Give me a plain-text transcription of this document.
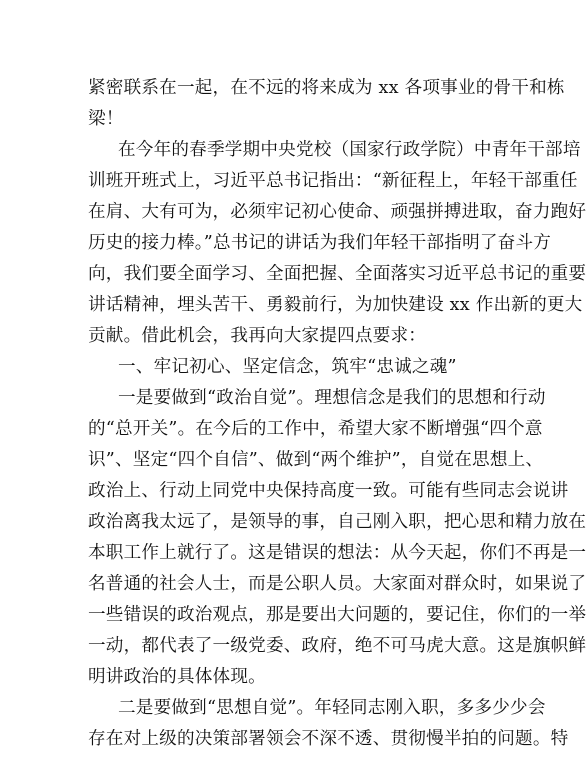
紧密联系在一起，在不远的将来成为 xx 各项事业的骨干和栋
梁！
在今年的春季学期中央党校（国家行政学院）中青年干部培
训班开班式上，习近平总书记指出：“新征程上，年轻干部重任
在肩、大有可为，必须牢记初心使命、顽强拼搏进取，奋力跑好
历史的接力棒。”总书记的讲话为我们年轻干部指明了奋斗方
向，我们要全面学习、全面把握、全面落实习近平总书记的重要
讲话精神，埋头苦干、勇毅前行，为加快建设 xx 作出新的更大
贡献。借此机会，我再向大家提四点要求：
一、牢记初心、坚定信念，筑牢“忠诚之魂”
一是要做到“政治自觉”。理想信念是我们的思想和行动
的“总开关”。在今后的工作中，希望大家不断增强“四个意
识”、坚定“四个自信”、做到“两个维护”，自觉在思想上、
政治上、行动上同党中央保持高度一致。可能有些同志会说讲
政治离我太远了，是领导的事，自己刚入职，把心思和精力放在
本职工作上就行了。这是错误的想法：从今天起，你们不再是一
名普通的社会人士，而是公职人员。大家面对群众时，如果说了
一些错误的政治观点，那是要出大问题的，要记住，你们的一举
一动，都代表了一级党委、政府，绝不可马虎大意。这是旗帜鲜
明讲政治的具体体现。
二是要做到“思想自觉”。年轻同志刚入职，多多少少会
存在对上级的决策部署领会不深不透、贯彻慢半拍的问题。特
